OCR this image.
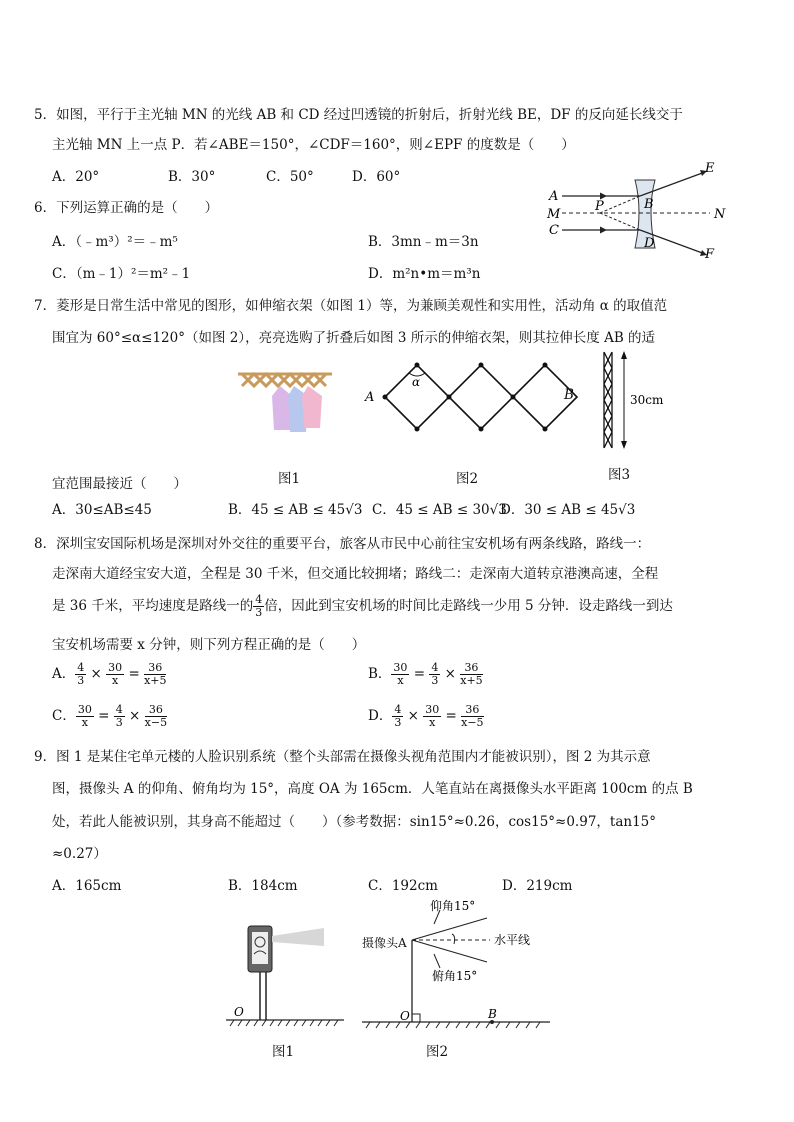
5．如图，平行于主光轴 MN 的光线 AB 和 CD 经过凹透镜的折射后，折射光线 BE，DF 的反向延长线交于
主光轴 MN 上一点 P．若∠ABE＝150°，∠CDF＝160°，则∠EPF 的度数是（　　）
A．20°	B．30°	C．50°	D．60°
A
C
M
P	B
D
N
E
F
6．下列运算正确的是（　　）
A．（﹣m³）²＝﹣m⁵	B．3mn﹣m＝3n
C．（m﹣1）²＝m²﹣1	D．m²n•m＝m³n
7．菱形是日常生活中常见的图形，如伸缩衣架（如图 1）等，为兼顾美观性和实用性，活动角 α 的取值范
围宜为 60°≤α≤120°（如图 2），亮亮选购了折叠后如图 3 所示的伸缩衣架，则其拉伸长度 AB 的适
α
A	B	30cm
宜范围最接近（　　）	图1	图2	图3
A．30≤AB≤45	B．45 ≤ AB ≤ 45√3 C．45 ≤ AB ≤ 30√3
D．30 ≤ AB ≤ 45√3
8．深圳宝安国际机场是深圳对外交往的重要平台，旅客从市民中心前往宝安机场有两条线路，路线一：
走深南大道经宝安大道，全程是 30 千米，但交通比较拥堵；路线二：走深南大道转京港澳高速，全程
是 36 千米，平均速度是路线一的 $\frac{4}{3}$ 倍，因此到宝安机场的时间比走路线一少用 5 分钟．设走路线一到达
宝安机场需要 x 分钟，则下列方程正确的是（　　）
A． $\frac{4}{3} \times \frac{30}{x} = \frac{36}{x+5}$	B． $\frac{30}{x} = \frac{4}{3} \times \frac{36}{x+5}$
C． $\frac{30}{x} = \frac{4}{3} \times \frac{36}{x-5}$	D． $\frac{4}{3} \times \frac{30}{x} = \frac{36}{x-5}$
9．图 1 是某住宅单元楼的人脸识别系统（整个头部需在摄像头视角范围内才能被识别），图 2 为其示意
图，摄像头 A 的仰角、俯角均为 15°，高度 OA 为 165cm．人笔直站在离摄像头水平距离 100cm 的点 B
处，若此人能被识别，其身高不能超过（　　）（参考数据：sin15°≈0.26，cos15°≈0.97，tan15°
≈0.27）
A．165cm	B．184cm	C．192cm	D．219cm
O
图1
仰角15°
俯角15°
水平线
O	B
摄像头A
图2
